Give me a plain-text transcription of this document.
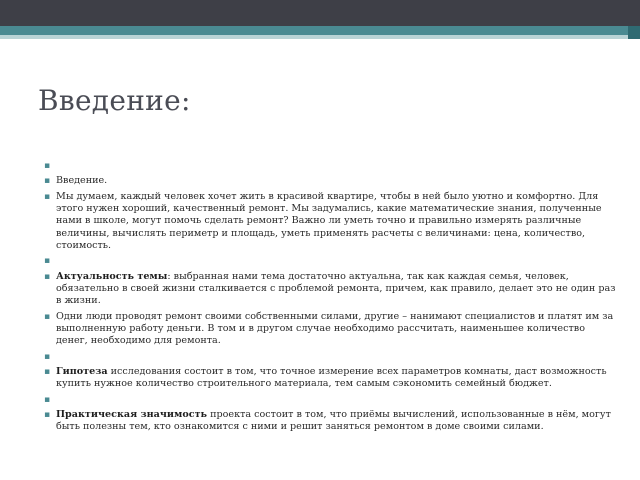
Введение:
▪
▪ Введение.
▪ Мы думаем, каждый человек хочет жить в красивой квартире, чтобы в ней было уютно и комфортно. Для этого нужен хороший, качественный ремонт. Мы задумались, какие математические знания, полученные нами в школе, могут помочь сделать ремонт? Важно ли уметь точно и правильно измерять различные величины, вычислять периметр и площадь, уметь применять расчеты с величинами: цена, количество, стоимость.
▪
▪ Актуальность темы: выбранная нами тема достаточно актуальна, так как каждая семья, человек, обязательно в своей жизни сталкивается с проблемой ремонта, причем, как правило, делает это не один раз в жизни.
▪ Одни люди проводят ремонт своими собственными силами, другие – нанимают специалистов и платят им за выполненную работу деньги. В том и в другом случае необходимо рассчитать, наименьшее количество денег, необходимо для ремонта.
▪
▪ Гипотеза исследования состоит в том, что точное измерение всех параметров комнаты, даст возможность купить нужное количество строительного материала, тем самым сэкономить семейный бюджет.
▪
▪ Практическая значимость проекта состоит в том, что приёмы вычислений, использованные в нём, могут быть полезны тем, кто ознакомится с ними и решит заняться ремонтом в доме своими силами.
